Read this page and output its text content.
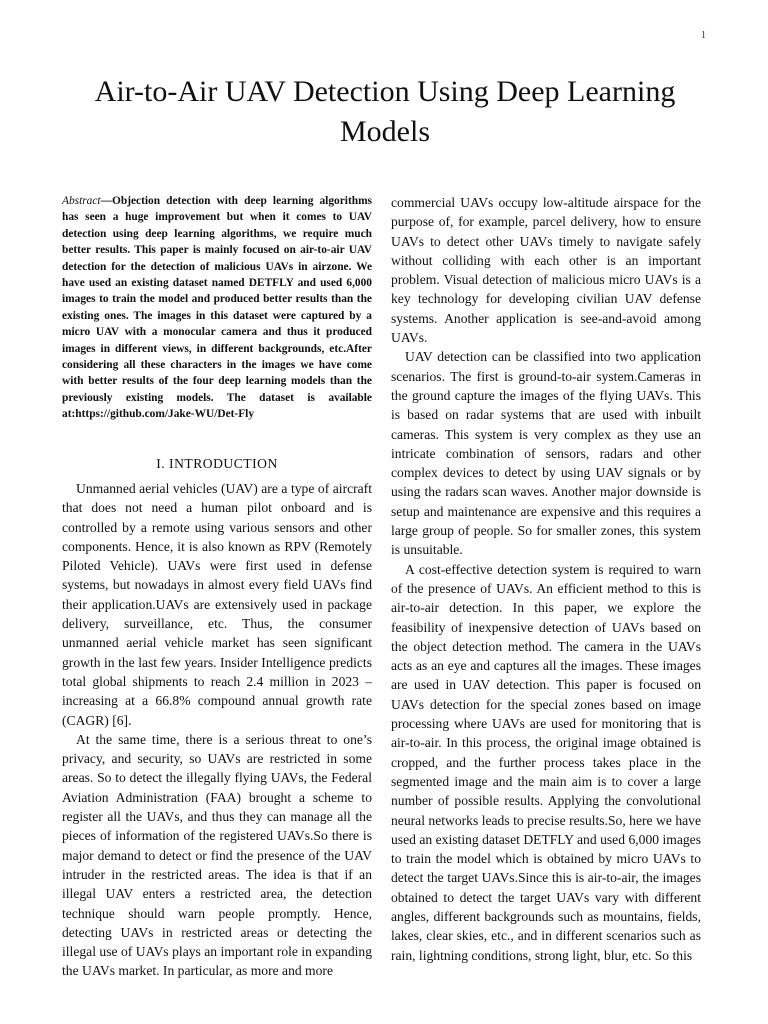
1
Air-to-Air UAV Detection Using Deep Learning Models

Abstract—Objection detection with deep learning algorithms has seen a huge improvement but when it comes to UAV detection using deep learning algorithms, we require much better results. This paper is mainly focused on air-to-air UAV detection for the detection of malicious UAVs in airzone. We have used an existing dataset named DETFLY and used 6,000 images to train the model and produced better results than the existing ones. The images in this dataset were captured by a micro UAV with a monocular camera and thus it produced images in different views, in different backgrounds, etc.After considering all these characters in the images we have come with better results of the four deep learning models than the previously existing models. The dataset is available at:https://github.com/Jake-WU/Det-Fly

I. INTRODUCTION

Unmanned aerial vehicles (UAV) are a type of aircraft that does not need a human pilot onboard and is controlled by a remote using various sensors and other components. Hence, it is also known as RPV (Remotely Piloted Vehicle). UAVs were first used in defense systems, but nowadays in almost every field UAVs find their application.UAVs are extensively used in package delivery, surveillance, etc. Thus, the consumer unmanned aerial vehicle market has seen significant growth in the last few years. Insider Intelligence predicts total global shipments to reach 2.4 million in 2023 – increasing at a 66.8% compound annual growth rate (CAGR) [6].

At the same time, there is a serious threat to one’s privacy, and security, so UAVs are restricted in some areas. So to detect the illegally flying UAVs, the Federal Aviation Administration (FAA) brought a scheme to register all the UAVs, and thus they can manage all the pieces of information of the registered UAVs.So there is major demand to detect or find the presence of the UAV intruder in the restricted areas. The idea is that if an illegal UAV enters a restricted area, the detection technique should warn people promptly. Hence, detecting UAVs in restricted areas or detecting the illegal use of UAVs plays an important role in expanding the UAVs market. In particular, as more and more

commercial UAVs occupy low-altitude airspace for the purpose of, for example, parcel delivery, how to ensure UAVs to detect other UAVs timely to navigate safely without colliding with each other is an important problem. Visual detection of malicious micro UAVs is a key technology for developing civilian UAV defense systems. Another application is see-and-avoid among UAVs.

UAV detection can be classified into two application scenarios. The first is ground-to-air system.Cameras in the ground capture the images of the flying UAVs. This is based on radar systems that are used with inbuilt cameras. This system is very complex as they use an intricate combination of sensors, radars and other complex devices to detect by using UAV signals or by using the radars scan waves. Another major downside is setup and maintenance are expensive and this requires a large group of people. So for smaller zones, this system is unsuitable.

A cost-effective detection system is required to warn of the presence of UAVs. An efficient method to this is air-to-air detection. In this paper, we explore the feasibility of inexpensive detection of UAVs based on the object detection method. The camera in the UAVs acts as an eye and captures all the images. These images are used in UAV detection. This paper is focused on UAVs detection for the special zones based on image processing where UAVs are used for monitoring that is air-to-air. In this process, the original image obtained is cropped, and the further process takes place in the segmented image and the main aim is to cover a large number of possible results. Applying the convolutional neural networks leads to precise results.So, here we have used an existing dataset DETFLY and used 6,000 images to train the model which is obtained by micro UAVs to detect the target UAVs.Since this is air-to-air, the images obtained to detect the target UAVs vary with different angles, different backgrounds such as mountains, fields, lakes, clear skies, etc., and in different scenarios such as rain, lightning conditions, strong light, blur, etc. So this
